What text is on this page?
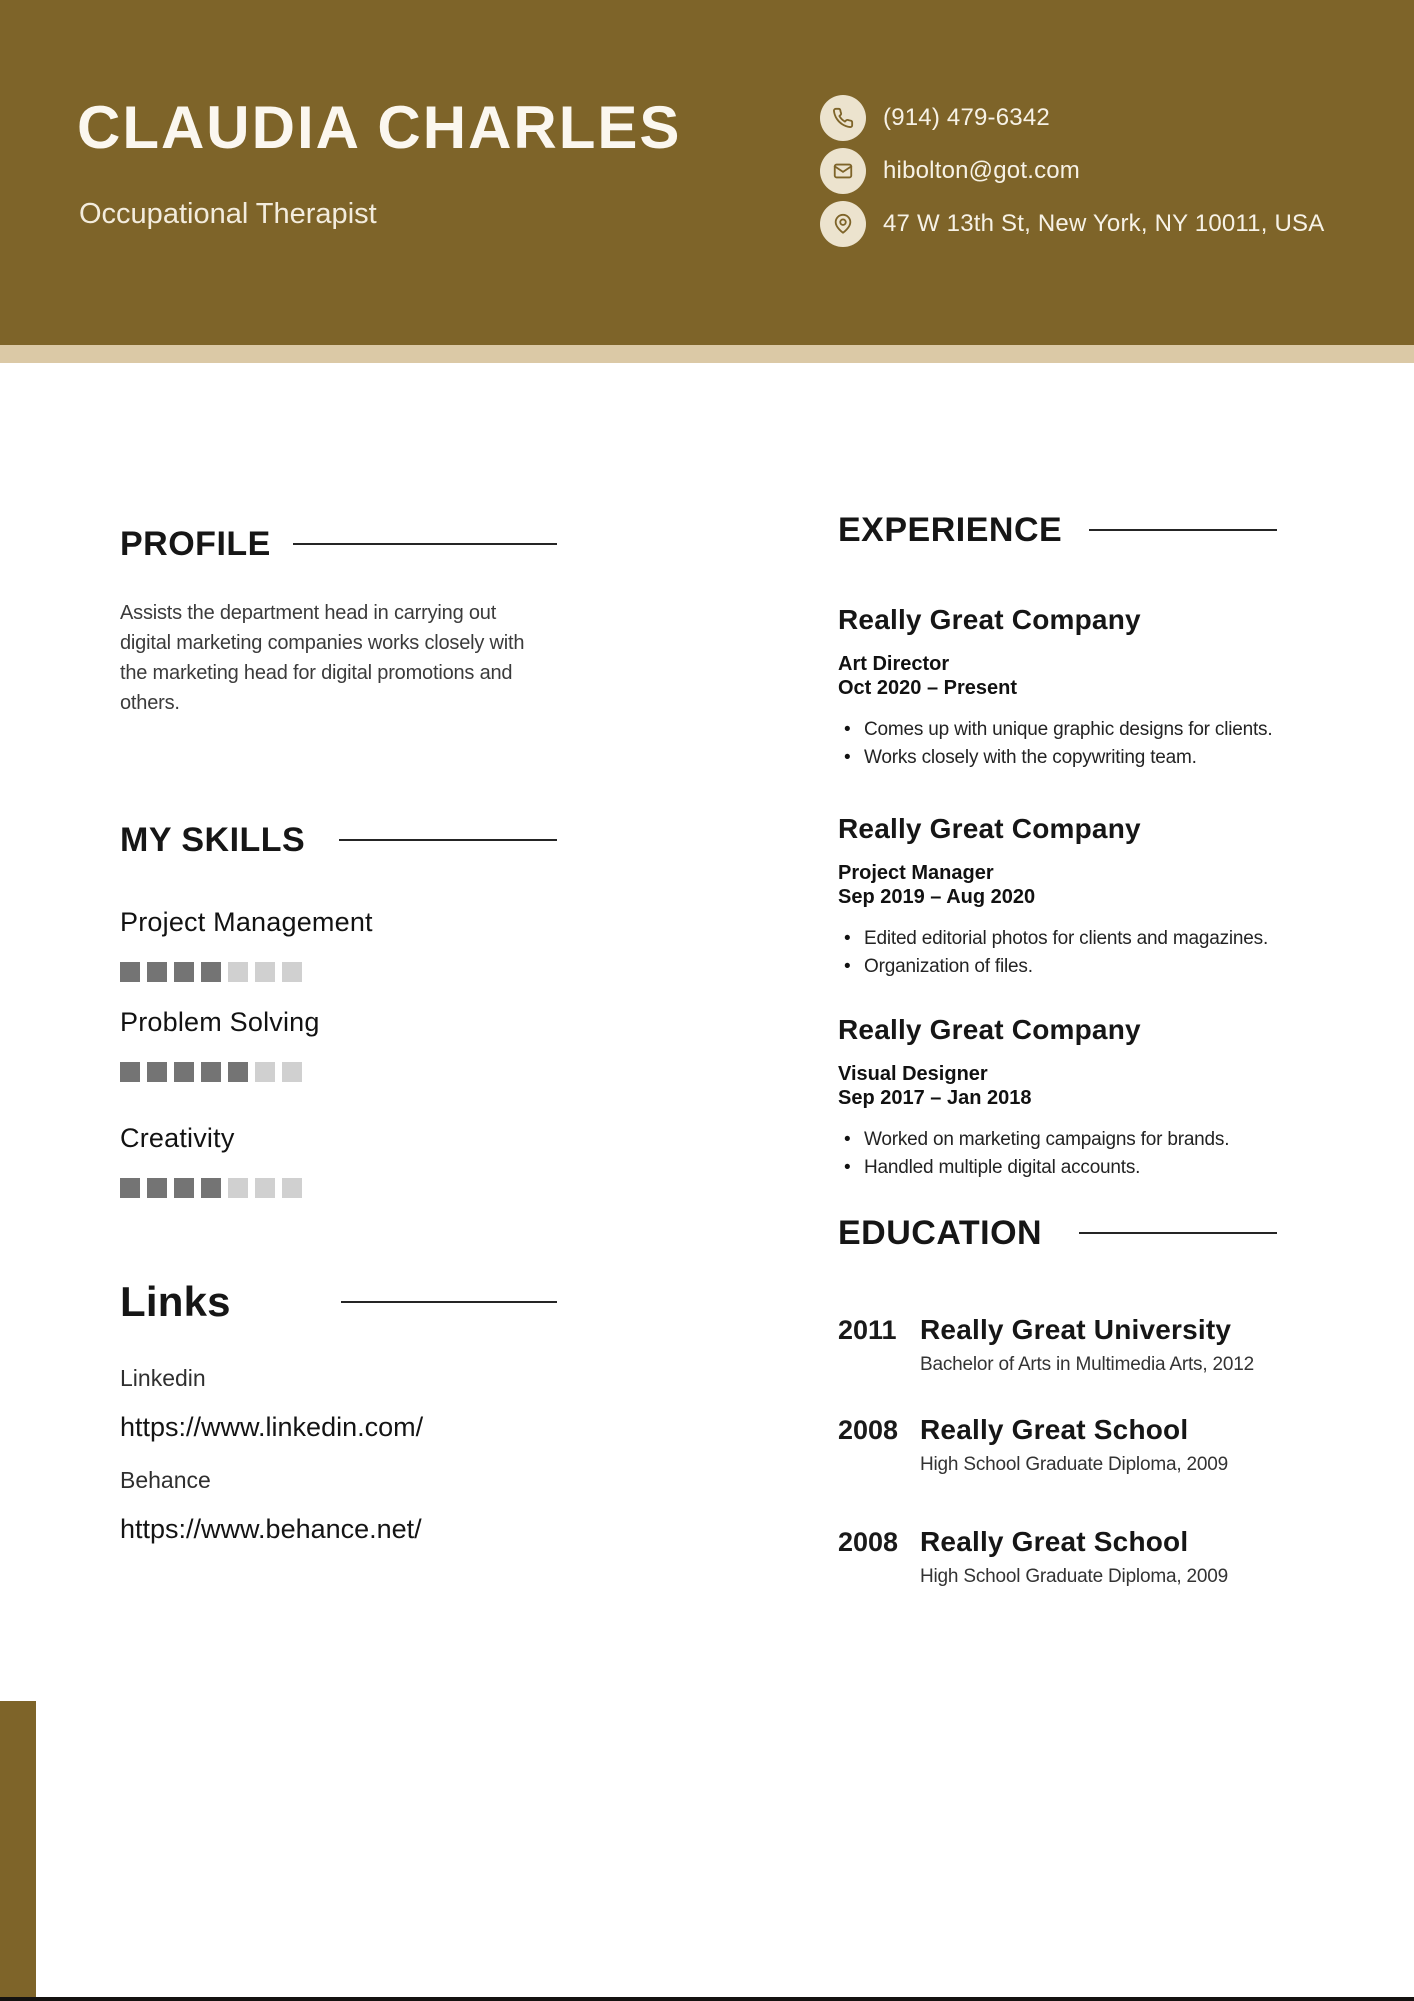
CLAUDIA CHARLES
Occupational Therapist
(914) 479-6342
hibolton@got.com
47 W 13th St, New York, NY 10011, USA
PROFILE
Assists the department head in carrying out
digital marketing companies works closely with
the marketing head for digital promotions and
others.
MY SKILLS
Project Management
Problem Solving
Creativity
Links
Linkedin
https://www.linkedin.com/
Behance
https://www.behance.net/
EXPERIENCE
Really Great Company
Art Director
Oct 2020 – Present
• Comes up with unique graphic designs for clients.
• Works closely with the copywriting team.
Really Great Company
Project Manager
Sep 2019 – Aug 2020
• Edited editorial photos for clients and magazines.
• Organization of files.
Really Great Company
Visual Designer
Sep 2017 – Jan 2018
• Worked on marketing campaigns for brands.
• Handled multiple digital accounts.
EDUCATION
2011 Really Great University
Bachelor of Arts in Multimedia Arts, 2012
2008 Really Great School
High School Graduate Diploma, 2009
2008 Really Great School
High School Graduate Diploma, 2009
